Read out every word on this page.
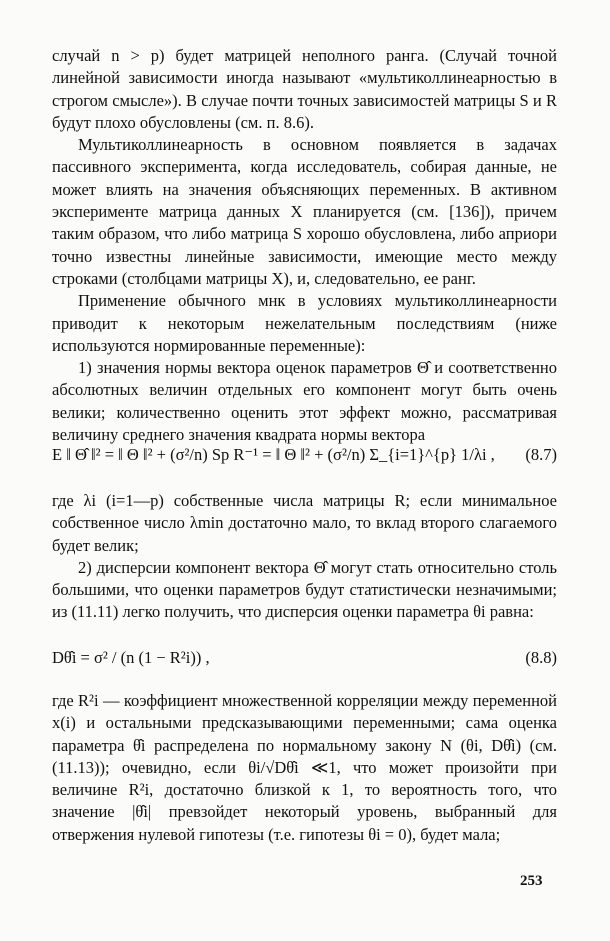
случай n > p) будет матрицей неполного ранга. (Случай точной линейной зависимости иногда называют «мультиколлинеарностью в строгом смысле»). В случае почти точных зависимостей матрицы S и R будут плохо обусловлены (см. п. 8.6).

Мультиколлинеарность в основном появляется в задачах пассивного эксперимента, когда исследователь, собирая данные, не может влиять на значения объясняющих переменных. В активном эксперименте матрица данных X планируется (см. [136]), причем таким образом, что либо матрица S хорошо обусловлена, либо априори точно известны линейные зависимости, имеющие место между строками (столбцами матрицы X), и, следовательно, ее ранг.

Применение обычного мнк в условиях мультиколлинеарности приводит к некоторым нежелательным последствиям (ниже используются нормированные переменные):

1) значения нормы вектора оценок параметров Θ̂ и соответственно абсолютных величин отдельных его компонент могут быть очень велики; количественно оценить этот эффект можно, рассматривая величину среднего значения квадрата нормы вектора

E ‖ Θ̂ ‖² = ‖ Θ ‖² + (σ²/n) Sp R⁻¹ = ‖ Θ ‖² + (σ²/n) Σ_{i=1}^{p} 1/λi , (8.7)

где λi (i=1—p) собственные числа матрицы R; если минимальное собственное число λmin достаточно мало, то вклад второго слагаемого будет велик;

2) дисперсии компонент вектора Θ̂ могут стать относительно столь большими, что оценки параметров будут статистически незначимыми; из (11.11) легко получить, что дисперсия оценки параметра θi равна:

Dθ̂i = σ² / (n (1 − R²i)) ,	(8.8)

где R²i — коэффициент множественной корреляции между переменной x(i) и остальными предсказывающими переменными; сама оценка параметра θ̂i распределена по нормальному закону N (θi, Dθ̂i) (см. (11.13)); очевидно, если θi/√Dθ̂i ≪1, что может произойти при величине R²i, достаточно близкой к 1, то вероятность того, что значение |θ̂i| превзойдет некоторый уровень, выбранный для отвержения нулевой гипотезы (т.е. гипотезы θi = 0), будет мала;

253
